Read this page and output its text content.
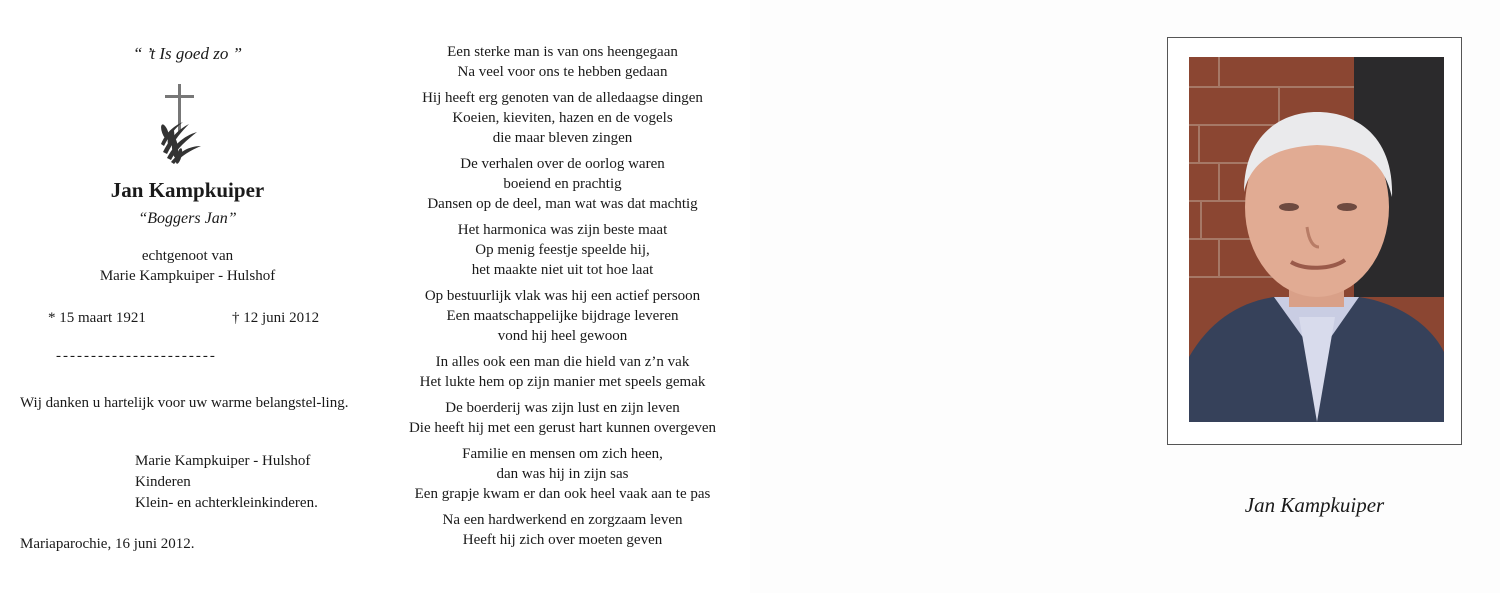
“ ’t Is goed zo ”
Jan Kampkuiper
“Boggers Jan”
echtgenoot van
Marie Kampkuiper - Hulshof
* 15 maart 1921	† 12 juni 2012
-----------------------
Wij danken u hartelijk voor uw warme belangstel-ling.
Marie Kampkuiper - Hulshof
Kinderen
Klein- en achterkleinkinderen.
Mariaparochie, 16 juni 2012.
Een sterke man is van ons heengegaan
Na veel voor ons te hebben gedaan
Hij heeft erg genoten van de alledaagse dingen
Koeien, kieviten, hazen en de vogels
die maar bleven zingen
De verhalen over de oorlog waren
boeiend en prachtig
Dansen op de deel, man wat was dat machtig
Het harmonica was zijn beste maat
Op menig feestje speelde hij,
het maakte niet uit tot hoe laat
Op bestuurlijk vlak was hij een actief persoon
Een maatschappelijke bijdrage leveren
vond hij heel gewoon
In alles ook een man die hield van z’n vak
Het lukte hem op zijn manier met speels gemak
De boerderij was zijn lust en zijn leven
Die heeft hij met een gerust hart kunnen overgeven
Familie en mensen om zich heen,
dan was hij in zijn sas
Een grapje kwam er dan ook heel vaak aan te pas
Na een hardwerkend en zorgzaam leven
Heeft hij zich over moeten geven
Jan Kampkuiper
